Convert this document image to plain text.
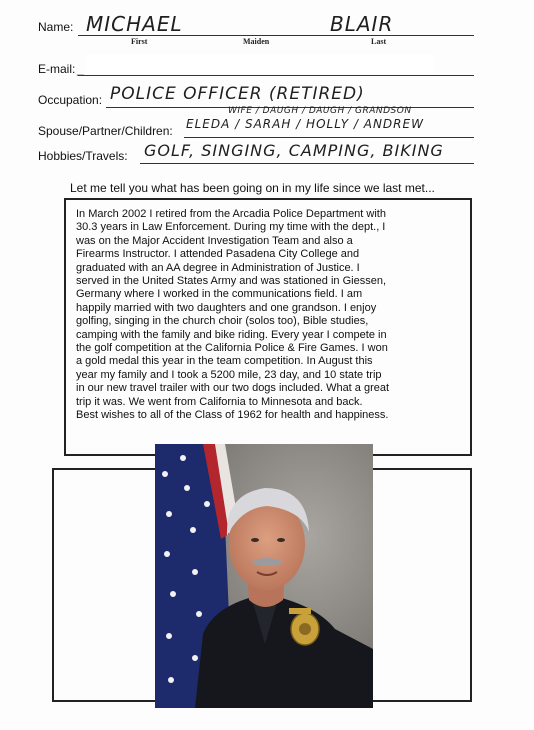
Name: MICHAEL	BLAIR
First	Maiden	Last
E-mail: _
Occupation: POLICE OFFICER (RETIRED)
WIFE / DAUGH / DAUGH / GRANDSON
Spouse/Partner/Children: ELEDA / SARAH / HOLLY / ANDREW
Hobbies/Travels: GOLF, SINGING, CAMPING, BIKING
Let me tell you what has been going on in my life since we last met...
In March 2002 I retired from the Arcadia Police Department with
30.3 years in Law Enforcement. During my time with the dept., I
was on the Major Accident Investigation Team and also a
Firearms Instructor. I attended Pasadena City College and
graduated with an AA degree in Administration of Justice. I
served in the United States Army and was stationed in Giessen,
Germany where I worked in the communications field. I am
happily married with two daughters and one grandson. I enjoy
golfing, singing in the church choir (solos too), Bible studies,
camping with the family and bike riding. Every year I compete in
the golf competition at the California Police & Fire Games. I won
a gold medal this year in the team competition. In August this
year my family and I took a 5200 mile, 23 day, and 10 state trip
in our new travel trailer with our two dogs included. What a great
trip it was. We went from California to Minnesota and back.
Best wishes to all of the Class of 1962 for health and happiness.
